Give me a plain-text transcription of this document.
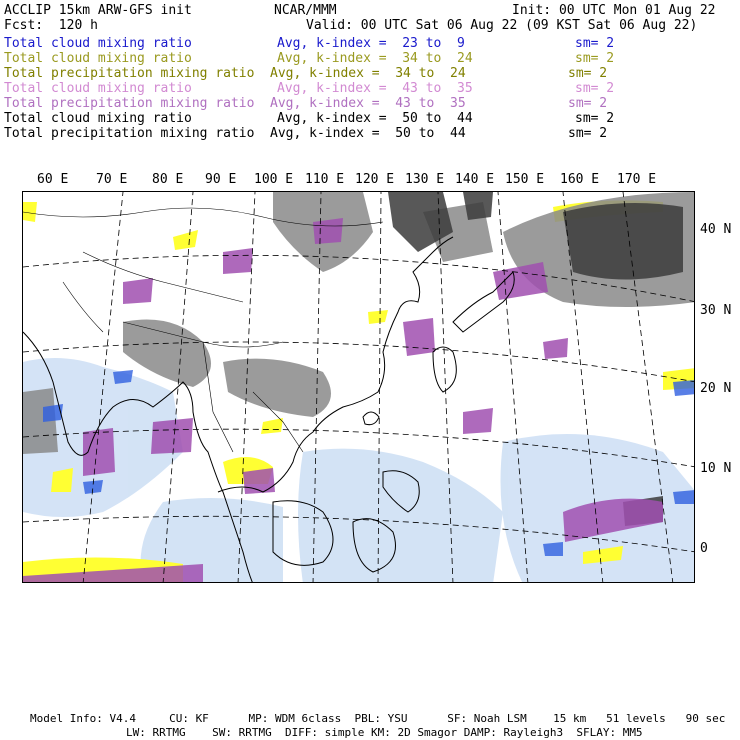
ACCLIP 15km ARW-GFS init	NCAR/MMM	Init: 00 UTC Mon 01 Aug 22
Fcst:  120 h	Valid: 00 UTC Sat 06 Aug 22 (09 KST Sat 06 Aug 22)
Total cloud mixing ratio	Avg, k-index =  23 to  9	sm= 2
Total cloud mixing ratio	Avg, k-index =  34 to  24	sm= 2
Total precipitation mixing ratio Avg, k-index =  34 to  24	sm= 2
Total cloud mixing ratio	Avg, k-index =  43 to  35	sm= 2
Total precipitation mixing ratio Avg, k-index =  43 to  35	sm= 2
Total cloud mixing ratio	Avg, k-index =  50 to  44	sm= 2
Total precipitation mixing ratio Avg, k-index =  50 to  44	sm= 2
60 E 70 E 80 E 90 E 100 E 110 E 120 E 130 E 140 E 150 E 160 E 170 E
40 N
30 N
20 N
10 N
0
Model Info: V4.4     CU: KF      MP: WDM 6class  PBL: YSU      SF: Noah LSM    15 km   51 levels   90 sec
LW: RRTMG    SW: RRTMG  DIFF: simple KM: 2D Smagor DAMP: Rayleigh3  SFLAY: MM5
